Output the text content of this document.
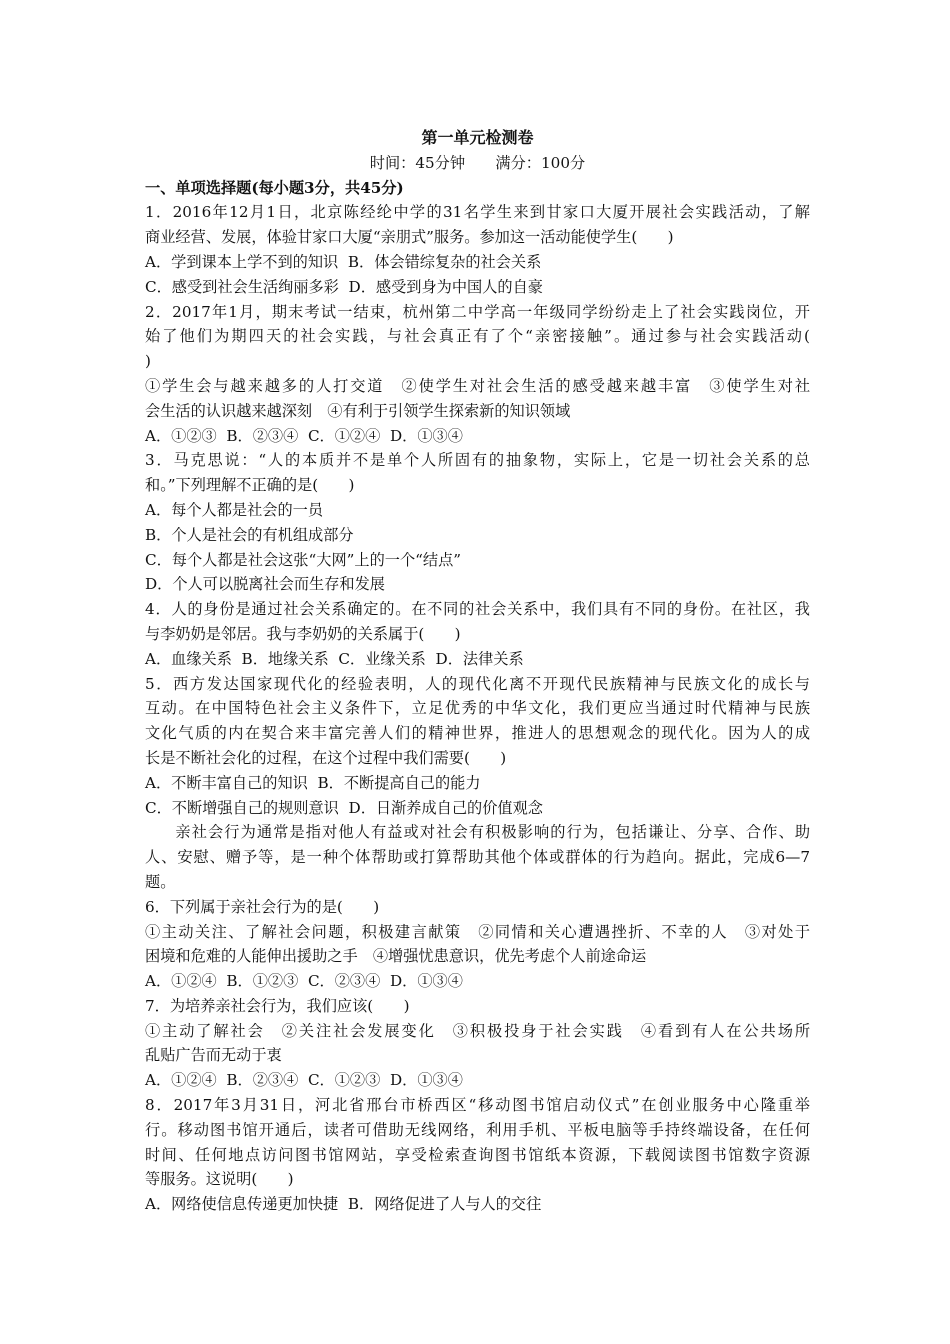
第一单元检测卷
时间：45分钟　　满分：100分
一、单项选择题(每小题3分，共45分)
1．2016年12月1日，北京陈经纶中学的31名学生来到甘家口大厦开展社会实践活动，了解
商业经营、发展，体验甘家口大厦“亲朋式”服务。参加这一活动能使学生(　　)
A．学到课本上学不到的知识  B．体会错综复杂的社会关系
C．感受到社会生活绚丽多彩  D．感受到身为中国人的自豪
2．2017年1月，期末考试一结束，杭州第二中学高一年级同学纷纷走上了社会实践岗位，开
始了他们为期四天的社会实践，与社会真正有了个“亲密接触”。通过参与社会实践活动(
)
①学生会与越来越多的人打交道　②使学生对社会生活的感受越来越丰富　③使学生对社
会生活的认识越来越深刻　④有利于引领学生探索新的知识领域
A．①②③  B．②③④  C．①②④  D．①③④
3．马克思说：“人的本质并不是单个人所固有的抽象物，实际上，它是一切社会关系的总
和。”下列理解不正确的是(　　)
A．每个人都是社会的一员
B．个人是社会的有机组成部分
C．每个人都是社会这张“大网”上的一个“结点”
D．个人可以脱离社会而生存和发展
4．人的身份是通过社会关系确定的。在不同的社会关系中，我们具有不同的身份。在社区，我
与李奶奶是邻居。我与李奶奶的关系属于(　　)
A．血缘关系  B．地缘关系  C．业缘关系  D．法律关系
5．西方发达国家现代化的经验表明，人的现代化离不开现代民族精神与民族文化的成长与
互动。在中国特色社会主义条件下，立足优秀的中华文化，我们更应当通过时代精神与民族
文化气质的内在契合来丰富完善人们的精神世界，推进人的思想观念的现代化。因为人的成
长是不断社会化的过程，在这个过程中我们需要(　　)
A．不断丰富自己的知识  B．不断提高自己的能力
C．不断增强自己的规则意识  D．日渐养成自己的价值观念
亲社会行为通常是指对他人有益或对社会有积极影响的行为，包括谦让、分享、合作、助
人、安慰、赠予等，是一种个体帮助或打算帮助其他个体或群体的行为趋向。据此，完成6—7
题。
6．下列属于亲社会行为的是(　　)
①主动关注、了解社会问题，积极建言献策　②同情和关心遭遇挫折、不幸的人　③对处于
困境和危难的人能伸出援助之手　④增强忧患意识，优先考虑个人前途命运
A．①②④  B．①②③  C．②③④  D．①③④
7．为培养亲社会行为，我们应该(　　)
①主动了解社会　②关注社会发展变化　③积极投身于社会实践　④看到有人在公共场所
乱贴广告而无动于衷
A．①②④  B．②③④  C．①②③  D．①③④
8．2017年3月31日，河北省邢台市桥西区“移动图书馆启动仪式”在创业服务中心隆重举
行。移动图书馆开通后，读者可借助无线网络，利用手机、平板电脑等手持终端设备，在任何
时间、任何地点访问图书馆网站，享受检索查询图书馆纸本资源，下载阅读图书馆数字资源
等服务。这说明(　　)
A．网络使信息传递更加快捷  B．网络促进了人与人的交往
